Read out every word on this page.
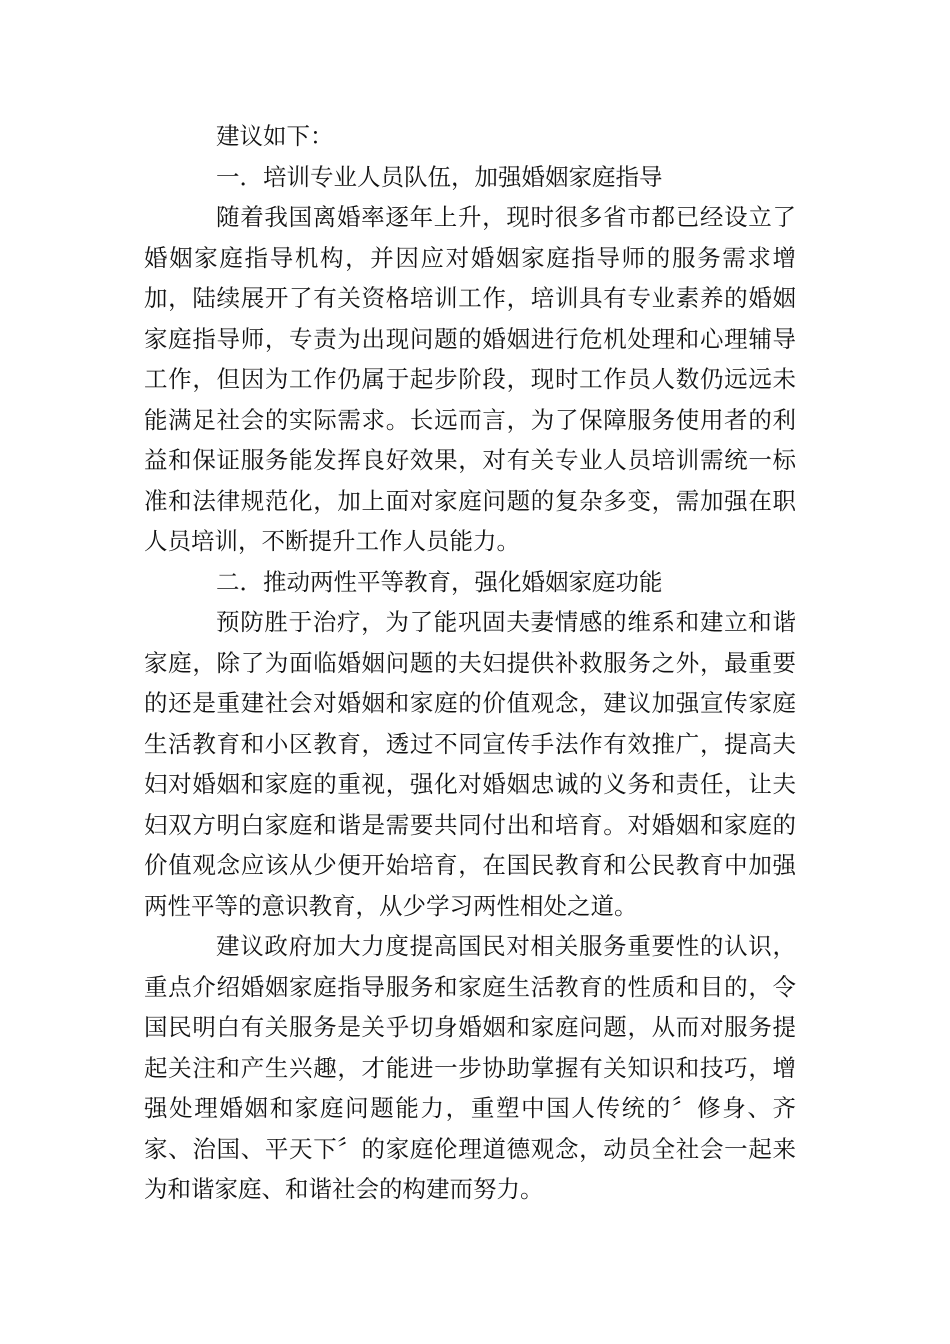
建议如下：

一．培训专业人员队伍，加强婚姻家庭指导

随着我国离婚率逐年上升，现时很多省市都已经设立了婚姻家庭指导机构，并因应对婚姻家庭指导师的服务需求增加，陆续展开了有关资格培训工作，培训具有专业素养的婚姻家庭指导师，专责为出现问题的婚姻进行危机处理和心理辅导工作，但因为工作仍属于起步阶段，现时工作员人数仍远远未能满足社会的实际需求。长远而言，为了保障服务使用者的利益和保证服务能发挥良好效果，对有关专业人员培训需统一标准和法律规范化，加上面对家庭问题的复杂多变，需加强在职人员培训，不断提升工作人员能力。

二．推动两性平等教育，强化婚姻家庭功能

预防胜于治疗，为了能巩固夫妻情感的维系和建立和谐家庭，除了为面临婚姻问题的夫妇提供补救服务之外，最重要的还是重建社会对婚姻和家庭的价值观念，建议加强宣传家庭生活教育和小区教育，透过不同宣传手法作有效推广，提高夫妇对婚姻和家庭的重视，强化对婚姻忠诚的义务和责任，让夫妇双方明白家庭和谐是需要共同付出和培育。对婚姻和家庭的价值观念应该从少便开始培育，在国民教育和公民教育中加强两性平等的意识教育，从少学习两性相处之道。

建议政府加大力度提高国民对相关服务重要性的认识，重点介绍婚姻家庭指导服务和家庭生活教育的性质和目的，令国民明白有关服务是关乎切身婚姻和家庭问题，从而对服务提起关注和产生兴趣，才能进一步协助掌握有关知识和技巧，增强处理婚姻和家庭问题能力，重塑中国人传统的〞修身、齐家、治国、平天下〞的家庭伦理道德观念，动员全社会一起来为和谐家庭、和谐社会的构建而努力。
